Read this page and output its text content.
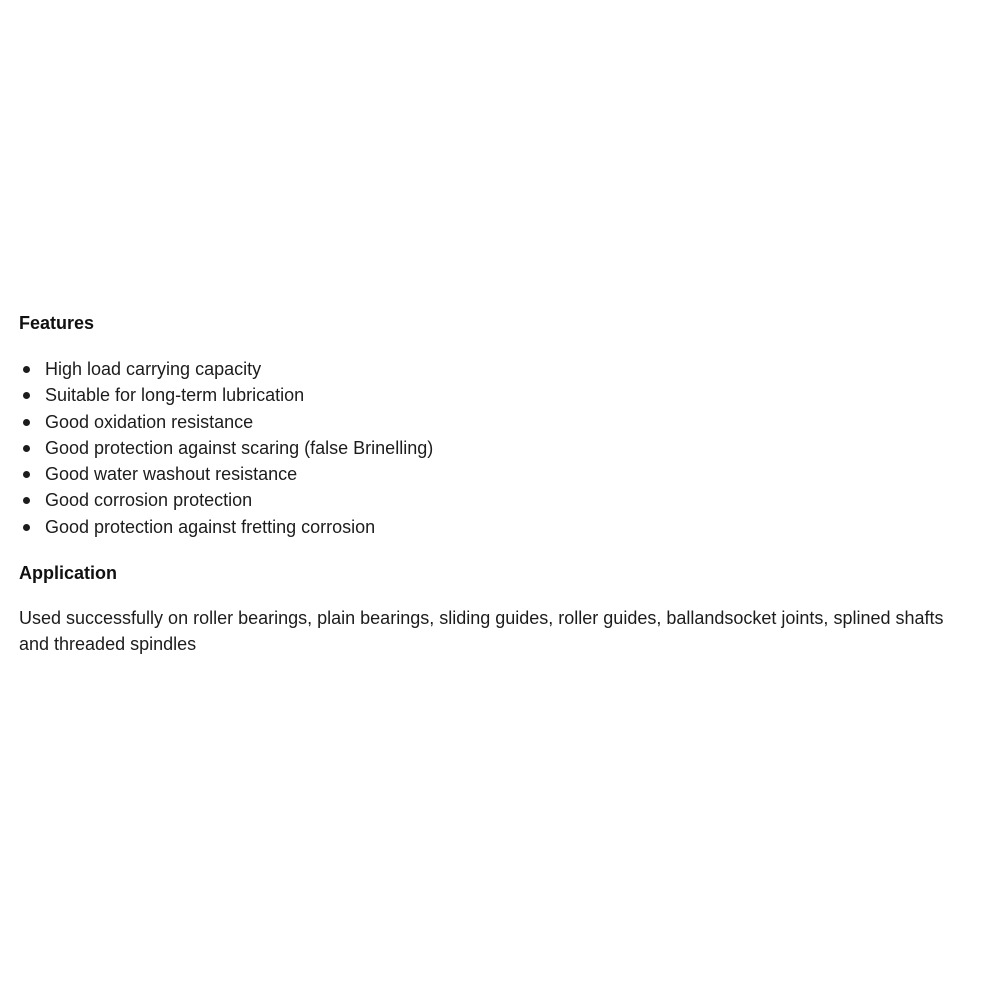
Features
High load carrying capacity
Suitable for long-term lubrication
Good oxidation resistance
Good protection against scaring (false Brinelling)
Good water washout resistance
Good corrosion protection
Good protection against fretting corrosion
Application

Used successfully on roller bearings, plain bearings, sliding guides, roller guides, ballandsocket joints, splined shafts and threaded spindles
